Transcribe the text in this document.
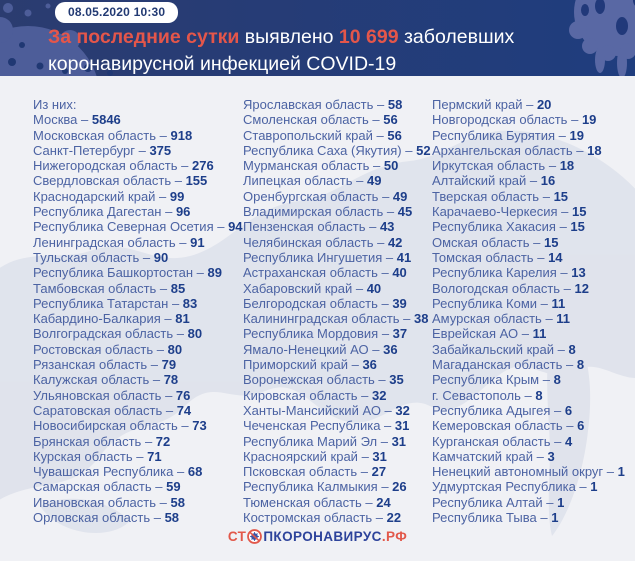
08.05.2020 10:30
За последние сутки выявлено 10 699 заболевших
коронавирусной инфекцией COVID-19
Из них:
Москва – 5846
Московская область – 918
Санкт-Петербург – 375
Нижегородская область – 276
Свердловская область – 155
Краснодарский край – 99
Республика Дагестан – 96
Республика Северная Осетия – 94
Ленинградская область – 91
Тульская область – 90
Республика Башкортостан – 89
Тамбовская область – 85
Республика Татарстан – 83
Кабардино-Балкария – 81
Волгоградская область – 80
Ростовская область – 80
Рязанская область – 79
Калужская область – 78
Ульяновская область – 76
Саратовская область – 74
Новосибирская область – 73
Брянская область – 72
Курская область – 71
Чувашская Республика – 68
Самарская область – 59
Ивановская область – 58
Орловская область – 58
Ярославская область – 58
Смоленская область – 56
Ставропольский край – 56
Республика Саха (Якутия) – 52
Мурманская область – 50
Липецкая область – 49
Оренбургская область – 49
Владимирская область – 45
Пензенская область – 43
Челябинская область – 42
Республика Ингушетия – 41
Астраханская область – 40
Хабаровский край – 40
Белгородская область – 39
Калининградская область – 38
Республика Мордовия – 37
Ямало-Ненецкий АО – 36
Приморский край – 36
Воронежская область – 35
Кировская область – 32
Ханты-Мансийский АО – 32
Чеченская Республика – 31
Республика Марий Эл – 31
Красноярский край – 31
Псковская область – 27
Республика Калмыкия – 26
Тюменская область – 24
Костромская область – 22
Пермский край – 20
Новгородская область – 19
Республика Бурятия – 19
Архангельская область – 18
Иркутская область – 18
Алтайский край – 16
Тверская область – 15
Карачаево-Черкесия – 15
Республика Хакасия – 15
Омская область – 15
Томская область – 14
Республика Карелия – 13
Вологодская область – 12
Республика Коми – 11
Амурская область – 11
Еврейская АО – 11
Забайкальский край – 8
Магаданская область – 8
Республика Крым – 8
г. Севастополь – 8
Республика Адыгея – 6
Кемеровская область – 6
Курганская область – 4
Камчатский край – 3
Ненецкий автономный округ – 1
Удмуртская Республика – 1
Республика Алтай – 1
Республика Тыва – 1
СТ ПКОРОНАВИРУС.РФ
